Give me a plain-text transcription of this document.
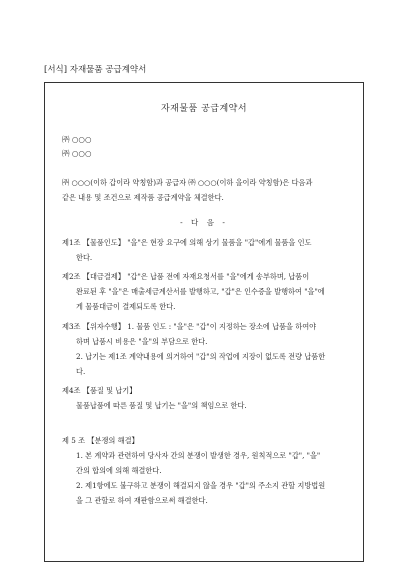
[서식] 자재물품 공급계약서
자재물품 공급계약서
㈜ ○○○
㈜ ○○○
㈜ ○○○(이하 갑이라 약칭함)과 공급자 ㈜ ○○○(이하 을이라 약칭함)은 다음과
같은 내용 및 조건으로 제작품 공급계약을 체결한다.
- 다 음 -
제1조 【물품인도】 "을"은 현장 요구에 의해 상기 물품을 "갑"에게 물품을 인도
한다.
제2조 【대금결제】 "갑"은 납품 전에 자재요청서를 "을"에게 송부하며, 납품이
완료된 후 "을"은 매출세금계산서를 발행하고, "갑"은 인수증을 발행하여 "을"에
게 물품대금이 결제되도록 한다.
제3조 【위자수행】 1. 물품 인도 : "을"은 "갑"이 지정하는 장소에 납품을 하여야
하며 납품시 비용은 "을"의 부담으로 한다.
2. 납기는 제1조 계약내용에 의거하여 "갑"의 작업에 지장이 없도록 전량 납품한
다.
제4조 【품질 및 납기】
물품납품에 따른 품질 및 납기는 "을"의 책임으로 한다.
제 5 조 【분쟁의 해결】
1. 본 계약과 관련하여 당사자 간의 분쟁이 발생한 경우, 원칙적으로 "갑", "을"
간의 합의에 의해 해결한다.
2. 제1항에도 불구하고 분쟁이 해결되지 않을 경우 "갑"의 주소지 관할 지방법원
을 그 관할로 하여 재판함으로써 해결한다.
